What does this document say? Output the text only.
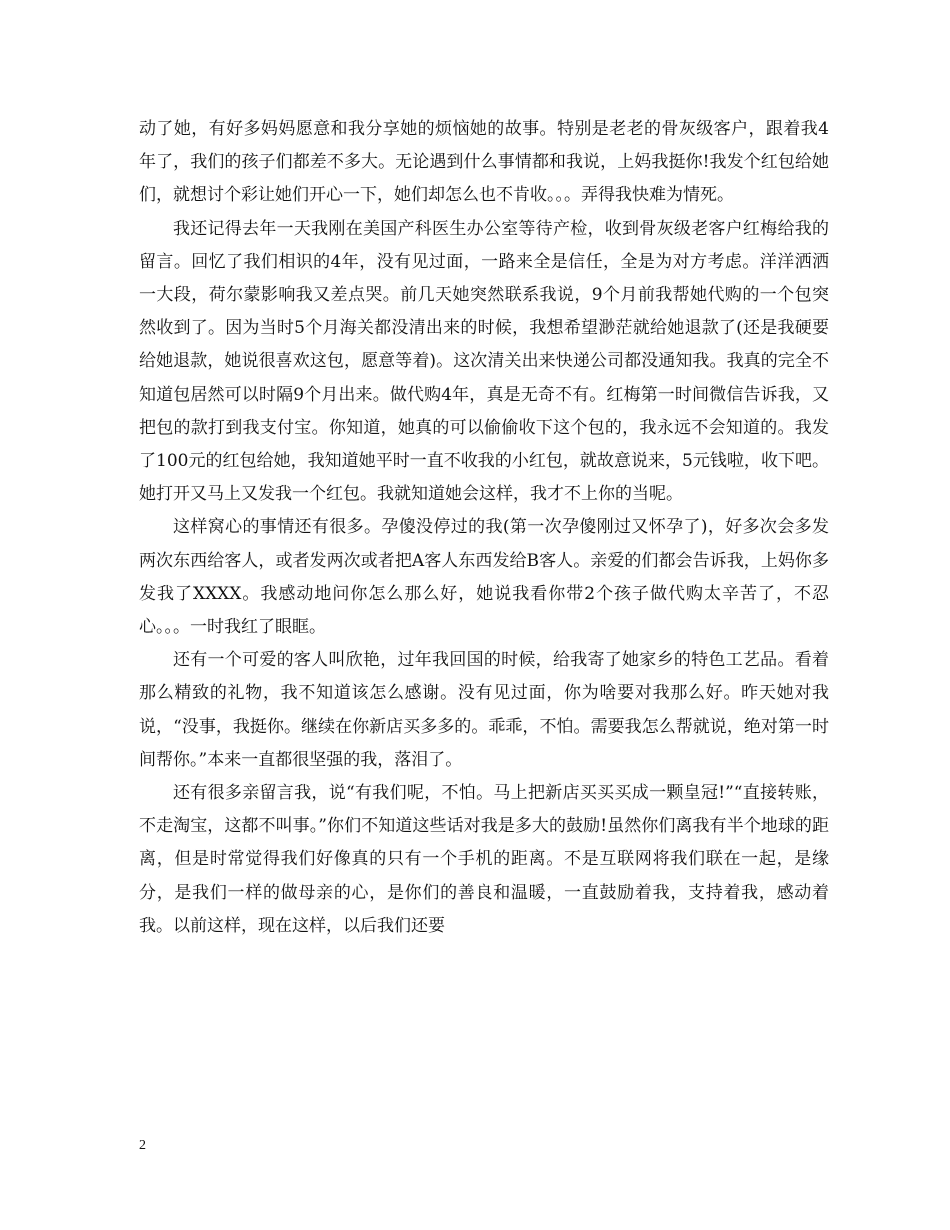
动了她，有好多妈妈愿意和我分享她的烦恼她的故事。特别是老老的骨灰级客户，跟着我4年了，我们的孩子们都差不多大。无论遇到什么事情都和我说，上妈我挺你!我发个红包给她们，就想讨个彩让她们开心一下，她们却怎么也不肯收。。。弄得我快难为情死。

我还记得去年一天我刚在美国产科医生办公室等待产检，收到骨灰级老客户红梅给我的留言。回忆了我们相识的4年，没有见过面，一路来全是信任，全是为对方考虑。洋洋洒洒一大段，荷尔蒙影响我又差点哭。前几天她突然联系我说，9个月前我帮她代购的一个包突然收到了。因为当时5个月海关都没清出来的时候，我想希望渺茫就给她退款了(还是我硬要给她退款，她说很喜欢这包，愿意等着)。这次清关出来快递公司都没通知我。我真的完全不知道包居然可以时隔9个月出来。做代购4年，真是无奇不有。红梅第一时间微信告诉我，又把包的款打到我支付宝。你知道，她真的可以偷偷收下这个包的，我永远不会知道的。我发了100元的红包给她，我知道她平时一直不收我的小红包，就故意说来，5元钱啦，收下吧。她打开又马上又发我一个红包。我就知道她会这样，我才不上你的当呢。

这样窝心的事情还有很多。孕傻没停过的我(第一次孕傻刚过又怀孕了)，好多次会多发两次东西给客人，或者发两次或者把A客人东西发给B客人。亲爱的们都会告诉我，上妈你多发我了XXXX。我感动地问你怎么那么好，她说我看你带2个孩子做代购太辛苦了，不忍心。。。一时我红了眼眶。

还有一个可爱的客人叫欣艳，过年我回国的时候，给我寄了她家乡的特色工艺品。看着那么精致的礼物，我不知道该怎么感谢。没有见过面，你为啥要对我那么好。昨天她对我说，“没事，我挺你。继续在你新店买多多的。乖乖，不怕。需要我怎么帮就说，绝对第一时间帮你。”本来一直都很坚强的我，落泪了。

还有很多亲留言我，说“有我们呢，不怕。马上把新店买买买成一颗皇冠!”“直接转账，不走淘宝，这都不叫事。”你们不知道这些话对我是多大的鼓励!虽然你们离我有半个地球的距离，但是时常觉得我们好像真的只有一个手机的距离。不是互联网将我们联在一起，是缘分，是我们一样的做母亲的心，是你们的善良和温暖，一直鼓励着我，支持着我，感动着我。以前这样，现在这样，以后我们还要

2
